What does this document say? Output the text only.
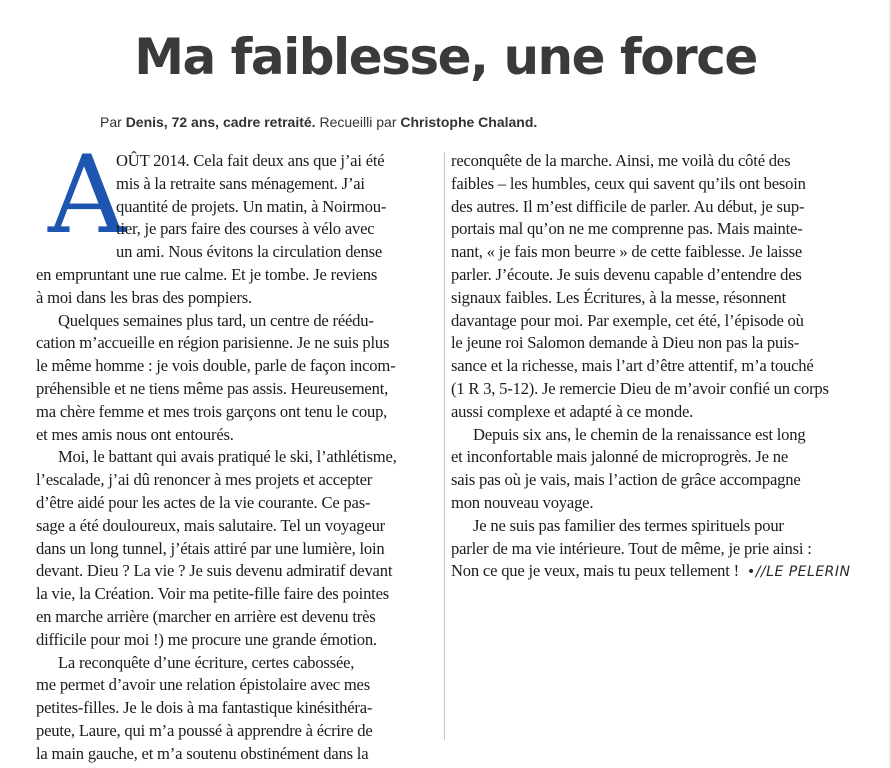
Ma faiblesse, une force
Par Denis, 72 ans, cadre retraité. Recueilli par Christophe Chaland.
A
OÛT 2014. Cela fait deux ans que j’ai été
mis à la retraite sans ménagement. J’ai
quantité de projets. Un matin, à Noirmou-
tier, je pars faire des courses à vélo avec
un ami. Nous évitons la circulation dense
en empruntant une rue calme. Et je tombe. Je reviens
à moi dans les bras des pompiers.
Quelques semaines plus tard, un centre de réédu-
cation m’accueille en région parisienne. Je ne suis plus
le même homme : je vois double, parle de façon incom-
préhensible et ne tiens même pas assis. Heureusement,
ma chère femme et mes trois garçons ont tenu le coup,
et mes amis nous ont entourés.
Moi, le battant qui avais pratiqué le ski, l’athlétisme,
l’escalade, j’ai dû renoncer à mes projets et accepter
d’être aidé pour les actes de la vie courante. Ce pas-
sage a été douloureux, mais salutaire. Tel un voyageur
dans un long tunnel, j’étais attiré par une lumière, loin
devant. Dieu ? La vie ? Je suis devenu admiratif devant
la vie, la Création. Voir ma petite-fille faire des pointes
en marche arrière (marcher en arrière est devenu très
difficile pour moi !) me procure une grande émotion.
La reconquête d’une écriture, certes cabossée,
me permet d’avoir une relation épistolaire avec mes
petites-filles. Je le dois à ma fantastique kinésithéra-
peute, Laure, qui m’a poussé à apprendre à écrire de
la main gauche, et m’a soutenu obstinément dans la
reconquête de la marche. Ainsi, me voilà du côté des
faibles – les humbles, ceux qui savent qu’ils ont besoin
des autres. Il m’est difficile de parler. Au début, je sup-
portais mal qu’on ne me comprenne pas. Mais mainte-
nant, « je fais mon beurre » de cette faiblesse. Je laisse
parler. J’écoute. Je suis devenu capable d’entendre des
signaux faibles. Les Écritures, à la messe, résonnent
davantage pour moi. Par exemple, cet été, l’épisode où
le jeune roi Salomon demande à Dieu non pas la puis-
sance et la richesse, mais l’art d’être attentif, m’a touché
(1 R 3, 5-12). Je remercie Dieu de m’avoir confié un corps
aussi complexe et adapté à ce monde.
Depuis six ans, le chemin de la renaissance est long
et inconfortable mais jalonné de microprogrès. Je ne
sais pas où je vais, mais l’action de grâce accompagne
mon nouveau voyage.
Je ne suis pas familier des termes spirituels pour
parler de ma vie intérieure. Tout de même, je prie ainsi :
Non ce que je veux, mais tu peux tellement ! •//LE PELERIN
